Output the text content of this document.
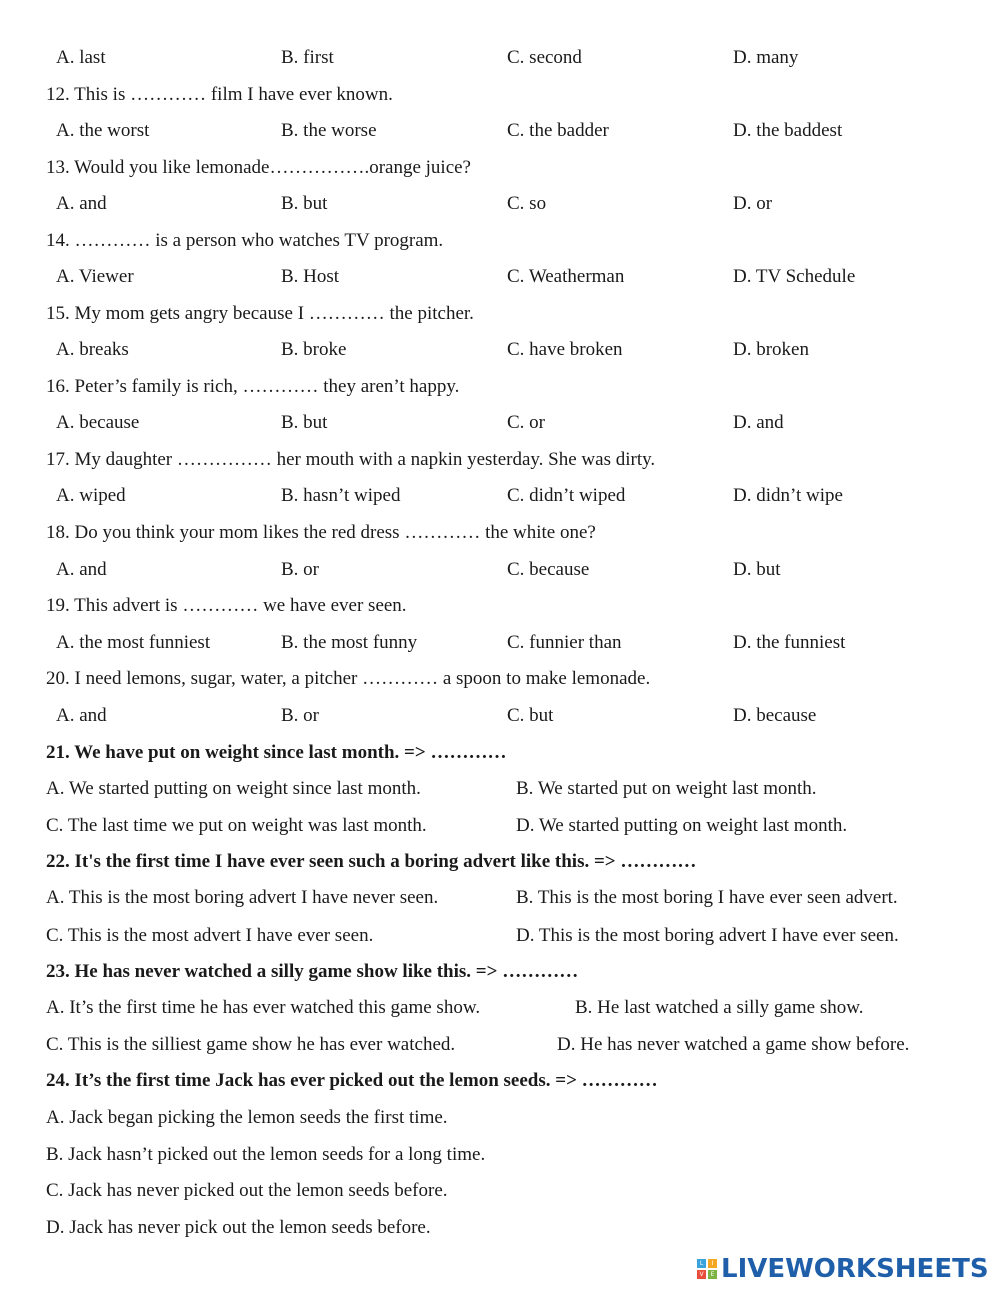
A. last	B. first	C. second	D. many
12. This is ………… film I have ever known.
A. the worst	B. the worse	C. the badder	D. the baddest
13. Would you like lemonade…………….orange juice?
A. and	B. but	C. so	D. or
14. ………… is a person who watches TV program.
A. Viewer	B. Host	C. Weatherman	D. TV Schedule
15. My mom gets angry because I ………… the pitcher.
A. breaks	B. broke	C. have broken	D. broken
16. Peter’s family is rich, ………… they aren’t happy.
A. because	B. but	C. or	D. and
17. My daughter …………… her mouth with a napkin yesterday. She was dirty.
A. wiped	B. hasn’t wiped	C. didn’t wiped	D. didn’t wipe
18. Do you think your mom likes the red dress ………… the white one?
A. and	B. or	C. because	D. but
19. This advert is ………… we have ever seen.
A. the most funniest	B. the most funny	C. funnier than	D. the funniest
20. I need lemons, sugar, water, a pitcher ………… a spoon to make lemonade.
A. and	B. or	C. but	D. because
21. We have put on weight since last month. => …………
A. We started putting on weight since last month.	B. We started put on weight last month.
C. The last time we put on weight was last month.	D. We started putting on weight last month.
22. It's the first time I have ever seen such a boring advert like this. => …………
A. This is the most boring advert I have never seen.	B. This is the most boring I have ever seen advert.
C. This is the most advert I have ever seen.	D. This is the most boring advert I have ever seen.
23. He has never watched a silly game show like this. => …………
A. It’s the first time he has ever watched this game show.	B. He last watched a silly game show.
C. This is the silliest game show he has ever watched.	D. He has never watched a game show before.
24. It’s the first time Jack has ever picked out the lemon seeds. => …………
A. Jack began picking the lemon seeds the first time.
B. Jack hasn’t picked out the lemon seeds for a long time.
C. Jack has never picked out the lemon seeds before.
D. Jack has never pick out the lemon seeds before.
L	I
V	E LIVEWORKSHEETS
